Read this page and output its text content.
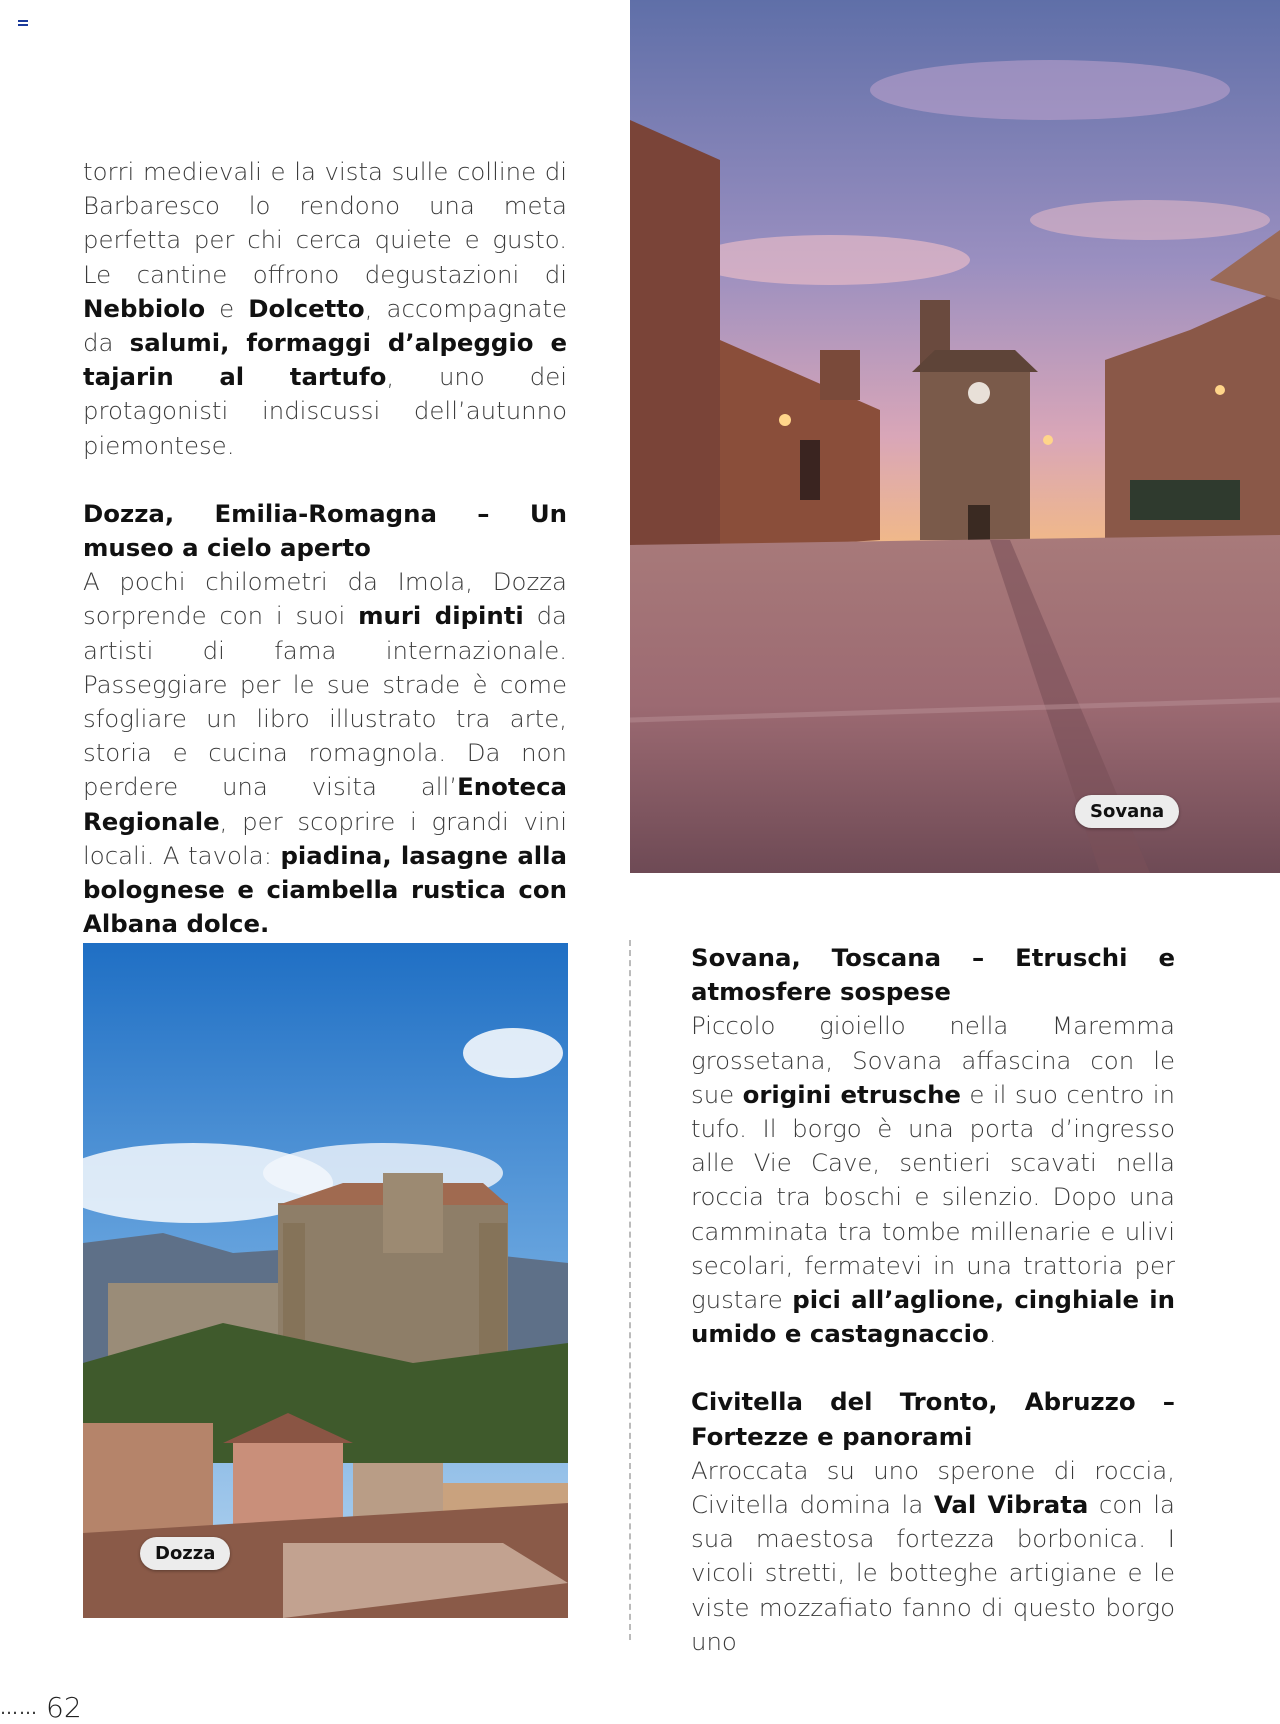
torri medievali e la vista sulle colline di Barbaresco lo rendono una meta perfetta per chi cerca quiete e gusto. Le cantine offrono degustazioni di Nebbiolo e Dolcetto, accompagnate da salumi, formaggi d’alpeggio e tajarin al tartufo, uno dei protagonisti indiscussi dell’autunno piemontese.

Dozza, Emilia-Romagna – Un
museo a cielo aperto

A pochi chilometri da Imola, Dozza sorprende con i suoi muri dipinti da artisti di fama internazionale. Passeggiare per le sue strade è come sfogliare un libro illustrato tra arte, storia e cucina romagnola. Da non perdere una visita all’Enoteca Regionale, per scoprire i grandi vini locali. A tavola: piadina, lasagne alla bolognese e ciambella rustica con Albana dolce.

Sovana
Dozza
Sovana, Toscana – Etruschi e
atmosfere sospese

Piccolo gioiello nella Maremma grossetana, Sovana affascina con le sue origini etrusche e il suo centro in tufo. Il borgo è una porta d’ingresso alle Vie Cave, sentieri scavati nella roccia tra boschi e silenzio. Dopo una camminata tra tombe millenarie e ulivi secolari, fermatevi in una trattoria per gustare pici all’aglione, cinghiale in umido e castagnaccio.

Civitella del Tronto, Abruzzo –
Fortezze e panorami

Arroccata su uno sperone di roccia, Civitella domina la Val Vibrata con la sua maestosa fortezza borbonica. I vicoli stretti, le botteghe artigiane e le viste mozzafiato fanno di questo borgo uno

…… 62
